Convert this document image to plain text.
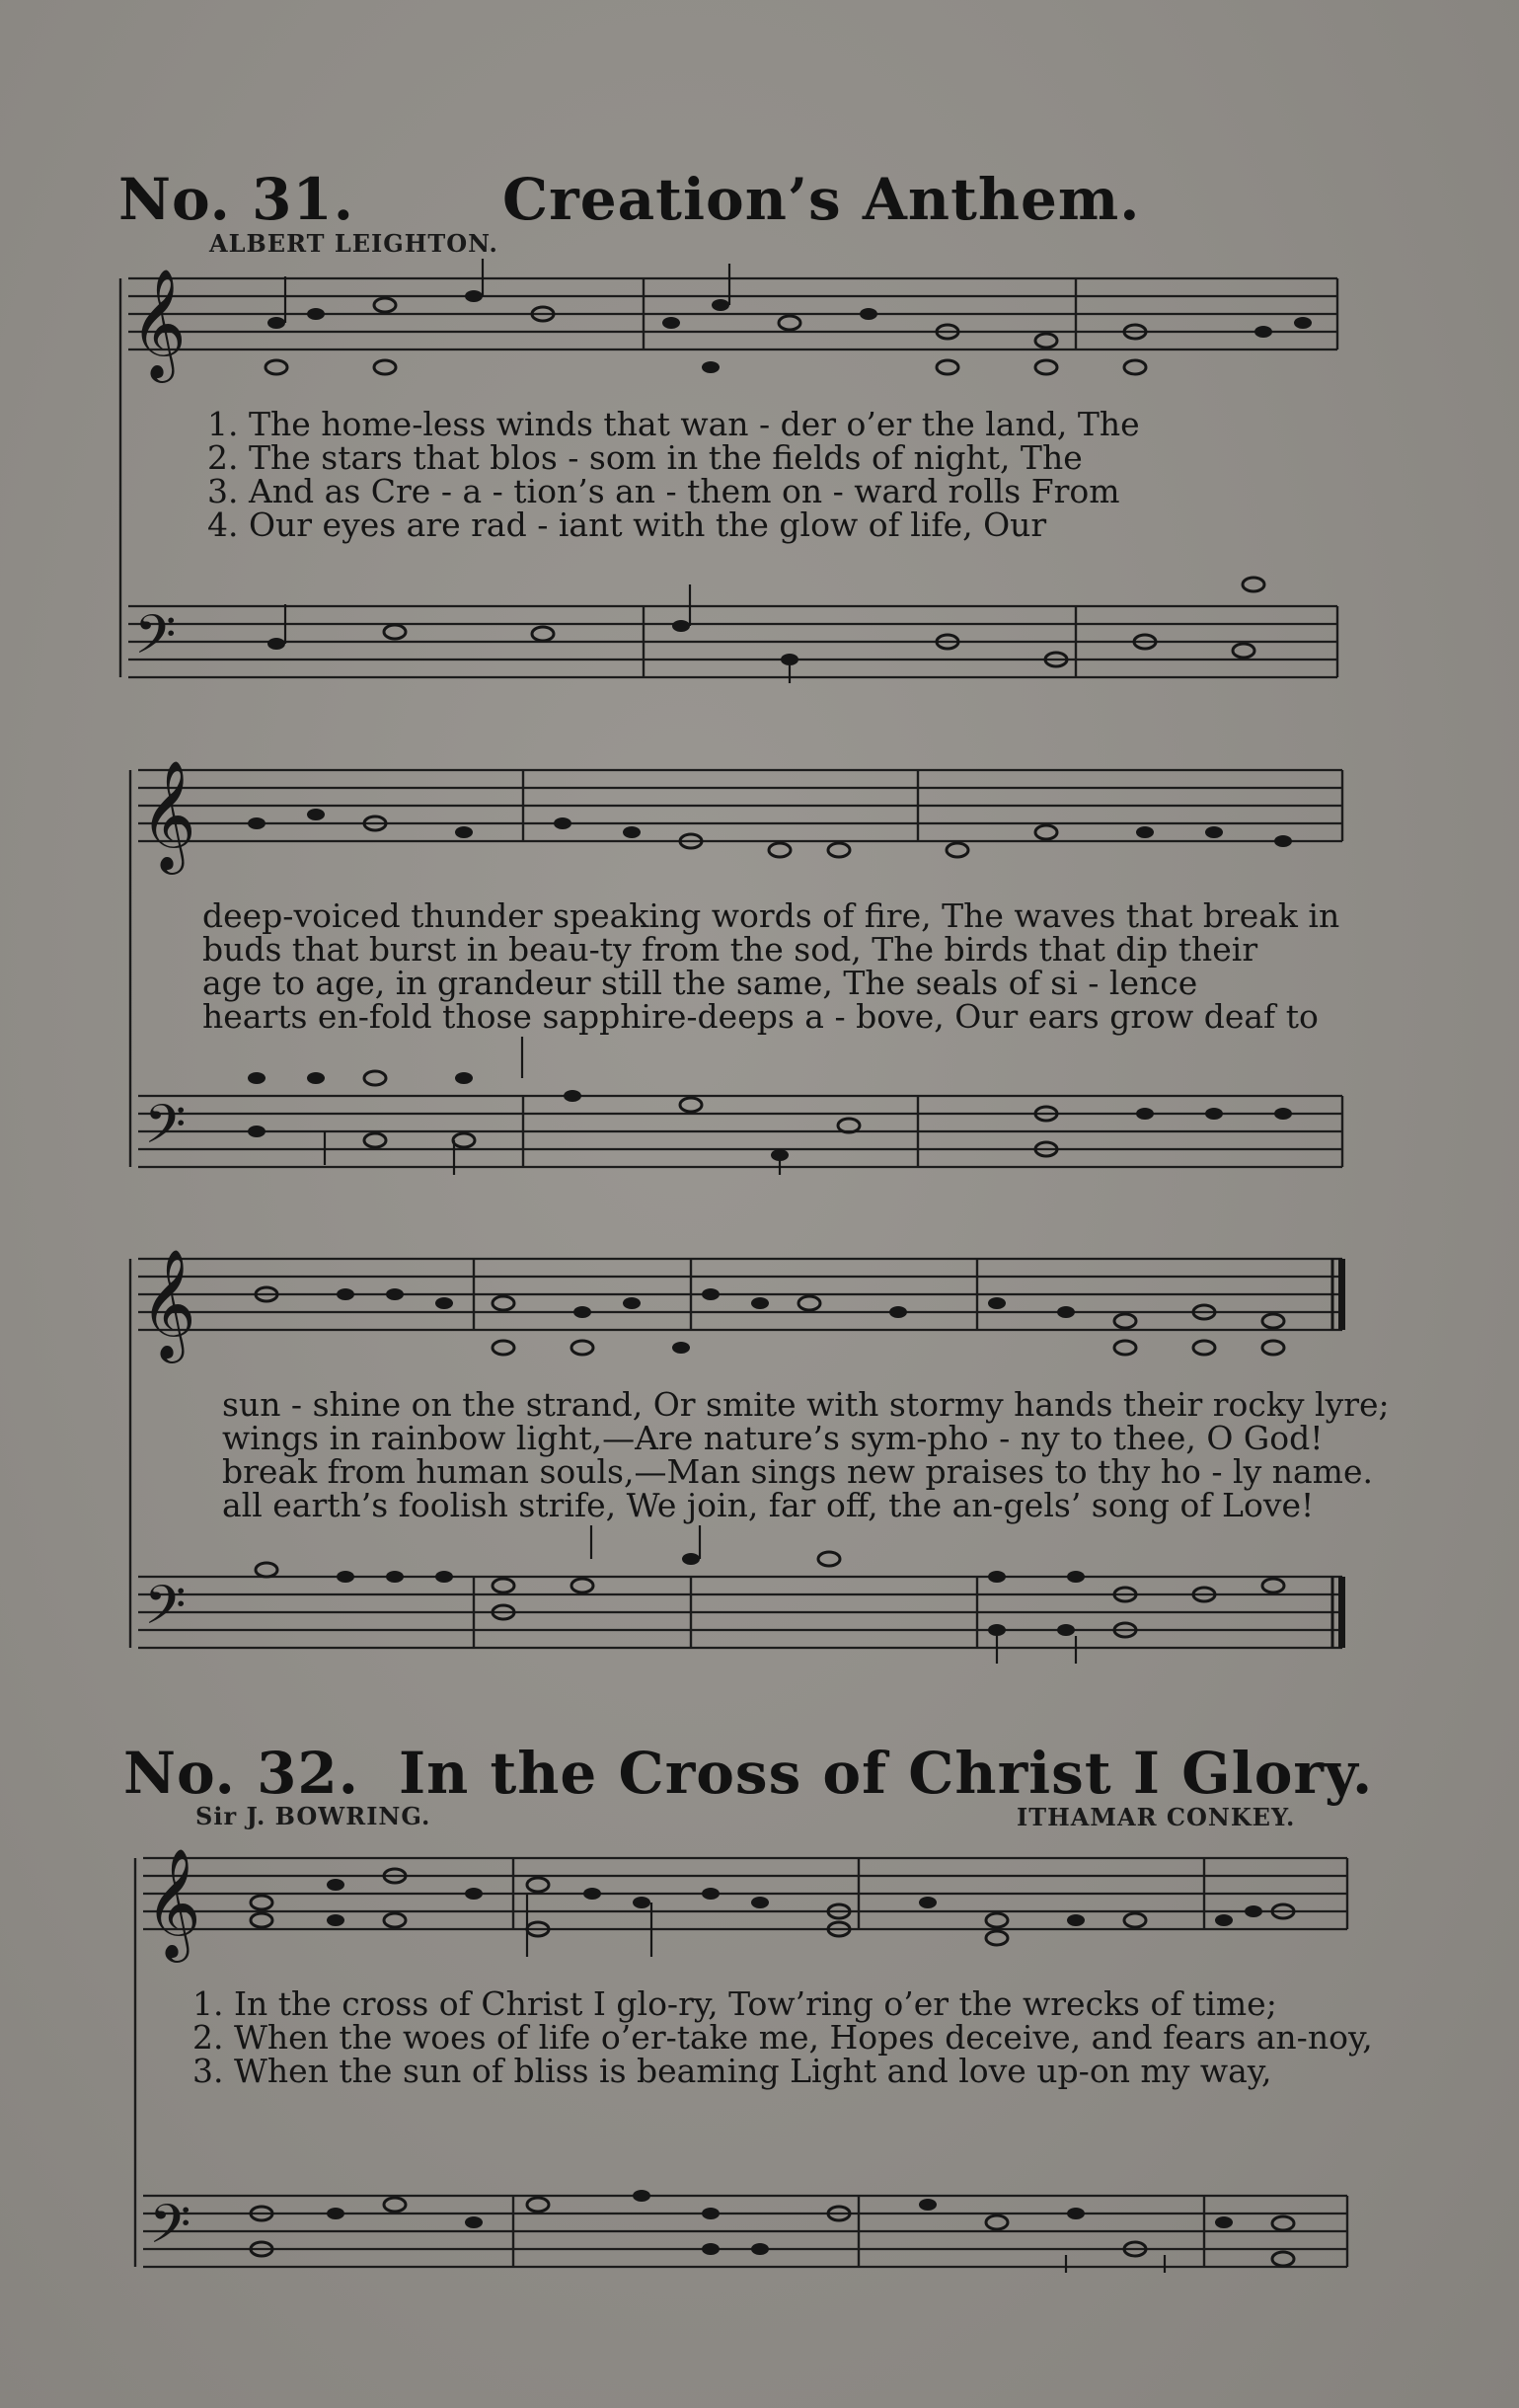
No. 31.	Creation’s Anthem.
ALBERT LEIGHTON.
𝄞
𝄢
1. The home-less winds that wan - der o’er the land, The
2. The stars that blos - som in the fields of night, The
3. And as Cre - a - tion’s an - them on - ward rolls From
4. Our eyes are rad - iant with the glow of life, Our
𝄞
𝄢
deep-voiced thunder speaking words of fire, The waves that break in
buds that burst in beau-ty from the sod, The birds that dip their
age to age, in grandeur still the same, The seals of si - lence
hearts en-fold those sapphire-deeps a - bove, Our ears grow deaf to
𝄞
𝄢
sun - shine on the strand, Or smite with stormy hands their rocky lyre;
wings in rainbow light,—Are nature’s sym-pho - ny to thee, O God!
break from human souls,—Man sings new praises to thy ho - ly name.
all earth’s foolish strife, We join, far off, the an-gels’ song of Love!
No. 32. In the Cross of Christ I Glory.
Sir J. BOWRING.	ITHAMAR CONKEY.
𝄞
𝄢
1. In the cross of Christ I glo-ry, Tow’ring o’er the wrecks of time;
2. When the woes of life o’er-take me, Hopes deceive, and fears an-noy,
3. When the sun of bliss is beaming Light and love up-on my way,
